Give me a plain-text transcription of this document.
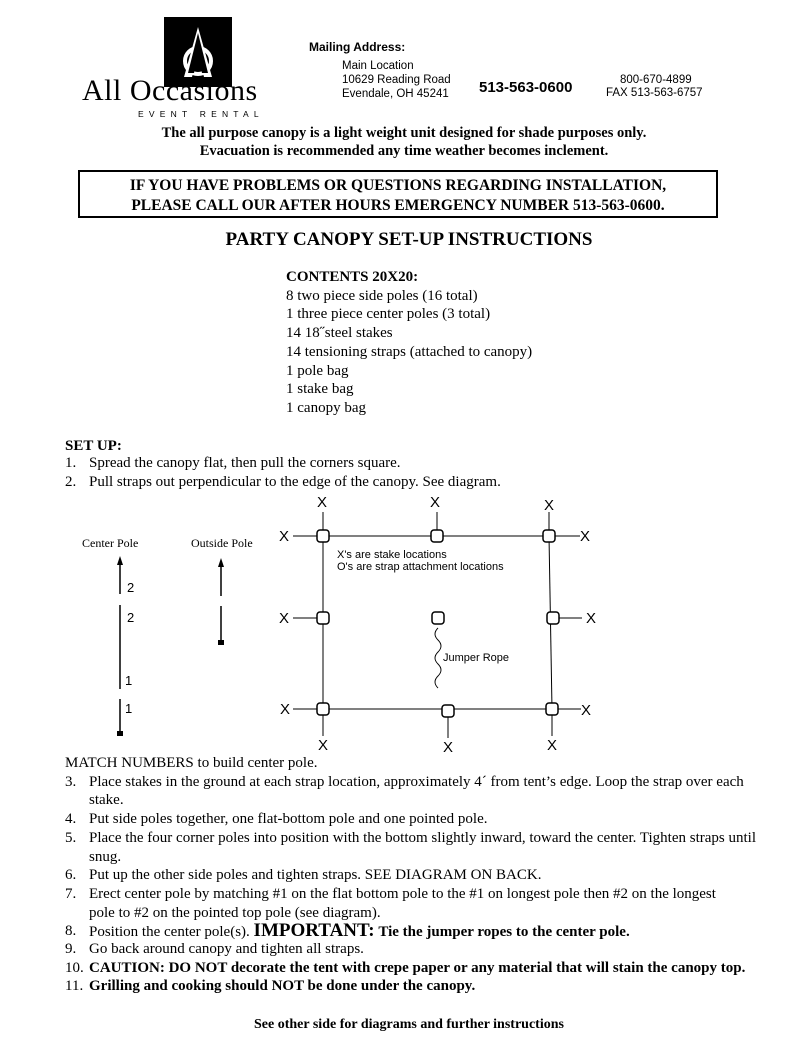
All Occasions
EVENT RENTAL
Mailing Address:
Main Location
10629 Reading Road
Evendale, OH 45241 513-563-0600	800-670-4899
FAX 513-563-6757
The all purpose canopy is a light weight unit designed for shade purposes only.
Evacuation is recommended any time weather becomes inclement.
IF YOU HAVE PROBLEMS OR QUESTIONS REGARDING INSTALLATION,
PLEASE CALL OUR AFTER HOURS EMERGENCY NUMBER 513-563-0600.
PARTY CANOPY SET-UP INSTRUCTIONS
CONTENTS 20X20:
8 two piece side poles (16 total)
1 three piece center poles (3 total)
14 18˝steel stakes
14 tensioning straps (attached to canopy)
1 pole bag
1 stake bag
1 canopy bag
SET UP:
1. Spread the canopy flat, then pull the corners square.
2. Pull straps out perpendicular to the edge of the canopy. See diagram.
Center Pole	Outside Pole
2
2
1
1
X	X	X
X	X
X	X
X	X
X	X	X
X's are stake locations
O's are strap attachment locations
Jumper Rope
MATCH NUMBERS to build center pole.
3. Place stakes in the ground at each strap location, approximately 4´ from tent’s edge. Loop the strap over each stake.
4. Put side poles together, one flat-bottom pole and one pointed pole.
5. Place the four corner poles into position with the bottom slightly inward, toward the center. Tighten straps until snug.
6. Put up the other side poles and tighten straps. SEE DIAGRAM ON BACK.
7. Erect center pole by matching #1 on the flat bottom pole to the #1 on longest pole then #2 on the longest pole to #2 on the pointed top pole (see diagram).
8. Position the center pole(s). IMPORTANT: Tie the jumper ropes to the center pole.
9. Go back around canopy and tighten all straps.
10. CAUTION: DO NOT decorate the tent with crepe paper or any material that will stain the canopy top.
11. Grilling and cooking should NOT be done under the canopy.
See other side for diagrams and further instructions
